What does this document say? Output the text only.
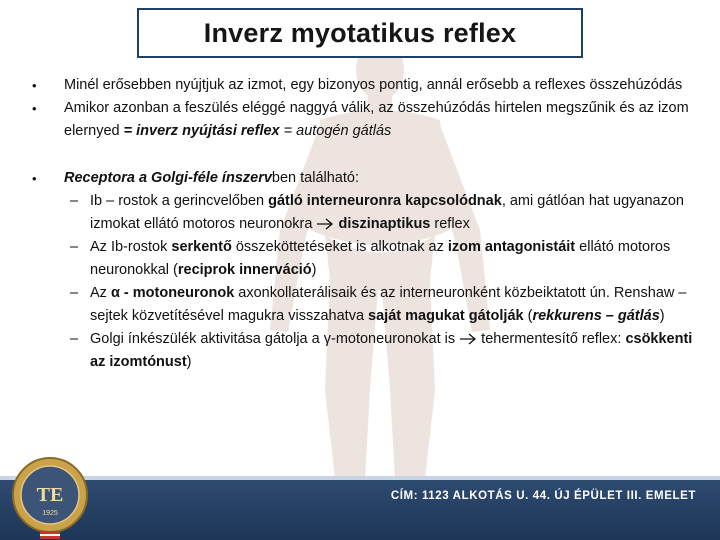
Inverz myotatikus reflex
•	Minél erősebben nyújtjuk az izmot, egy bizonyos pontig, annál erősebb a reflexes összehúzódás
•	Amikor azonban a feszülés eléggé naggyá válik, az összehúzódás hirtelen megszűnik és az izom elernyed = inverz nyújtási reflex = autogén gátlás
•	Receptora a Golgi-féle ínszervben található:
– Ib – rostok a gerincvelőben gátló interneuronra kapcsolódnak, ami gátlóan hat ugyanazon izmokat ellátó motoros neuronokra  diszinaptikus reflex
– Az Ib-rostok serkentő összeköttetéseket is alkotnak az izom antagonistáit ellátó motoros neuronokkal (reciprok innerváció)
– Az α - motoneuronok axonkollaterálisaik és az interneuronként közbeiktatott ún. Renshaw – sejtek közvetítésével magukra visszahatva saját magukat gátolják (rekkurens – gátlás)
– Golgi ínkészülék aktivitása gátolja a γ-motoneuronokat is  tehermentesítő reflex: csökkenti az izomtónust)
CÍM: 1123 ALKOTÁS U. 44. ÚJ ÉPÜLET III. EMELET
TE
1925
